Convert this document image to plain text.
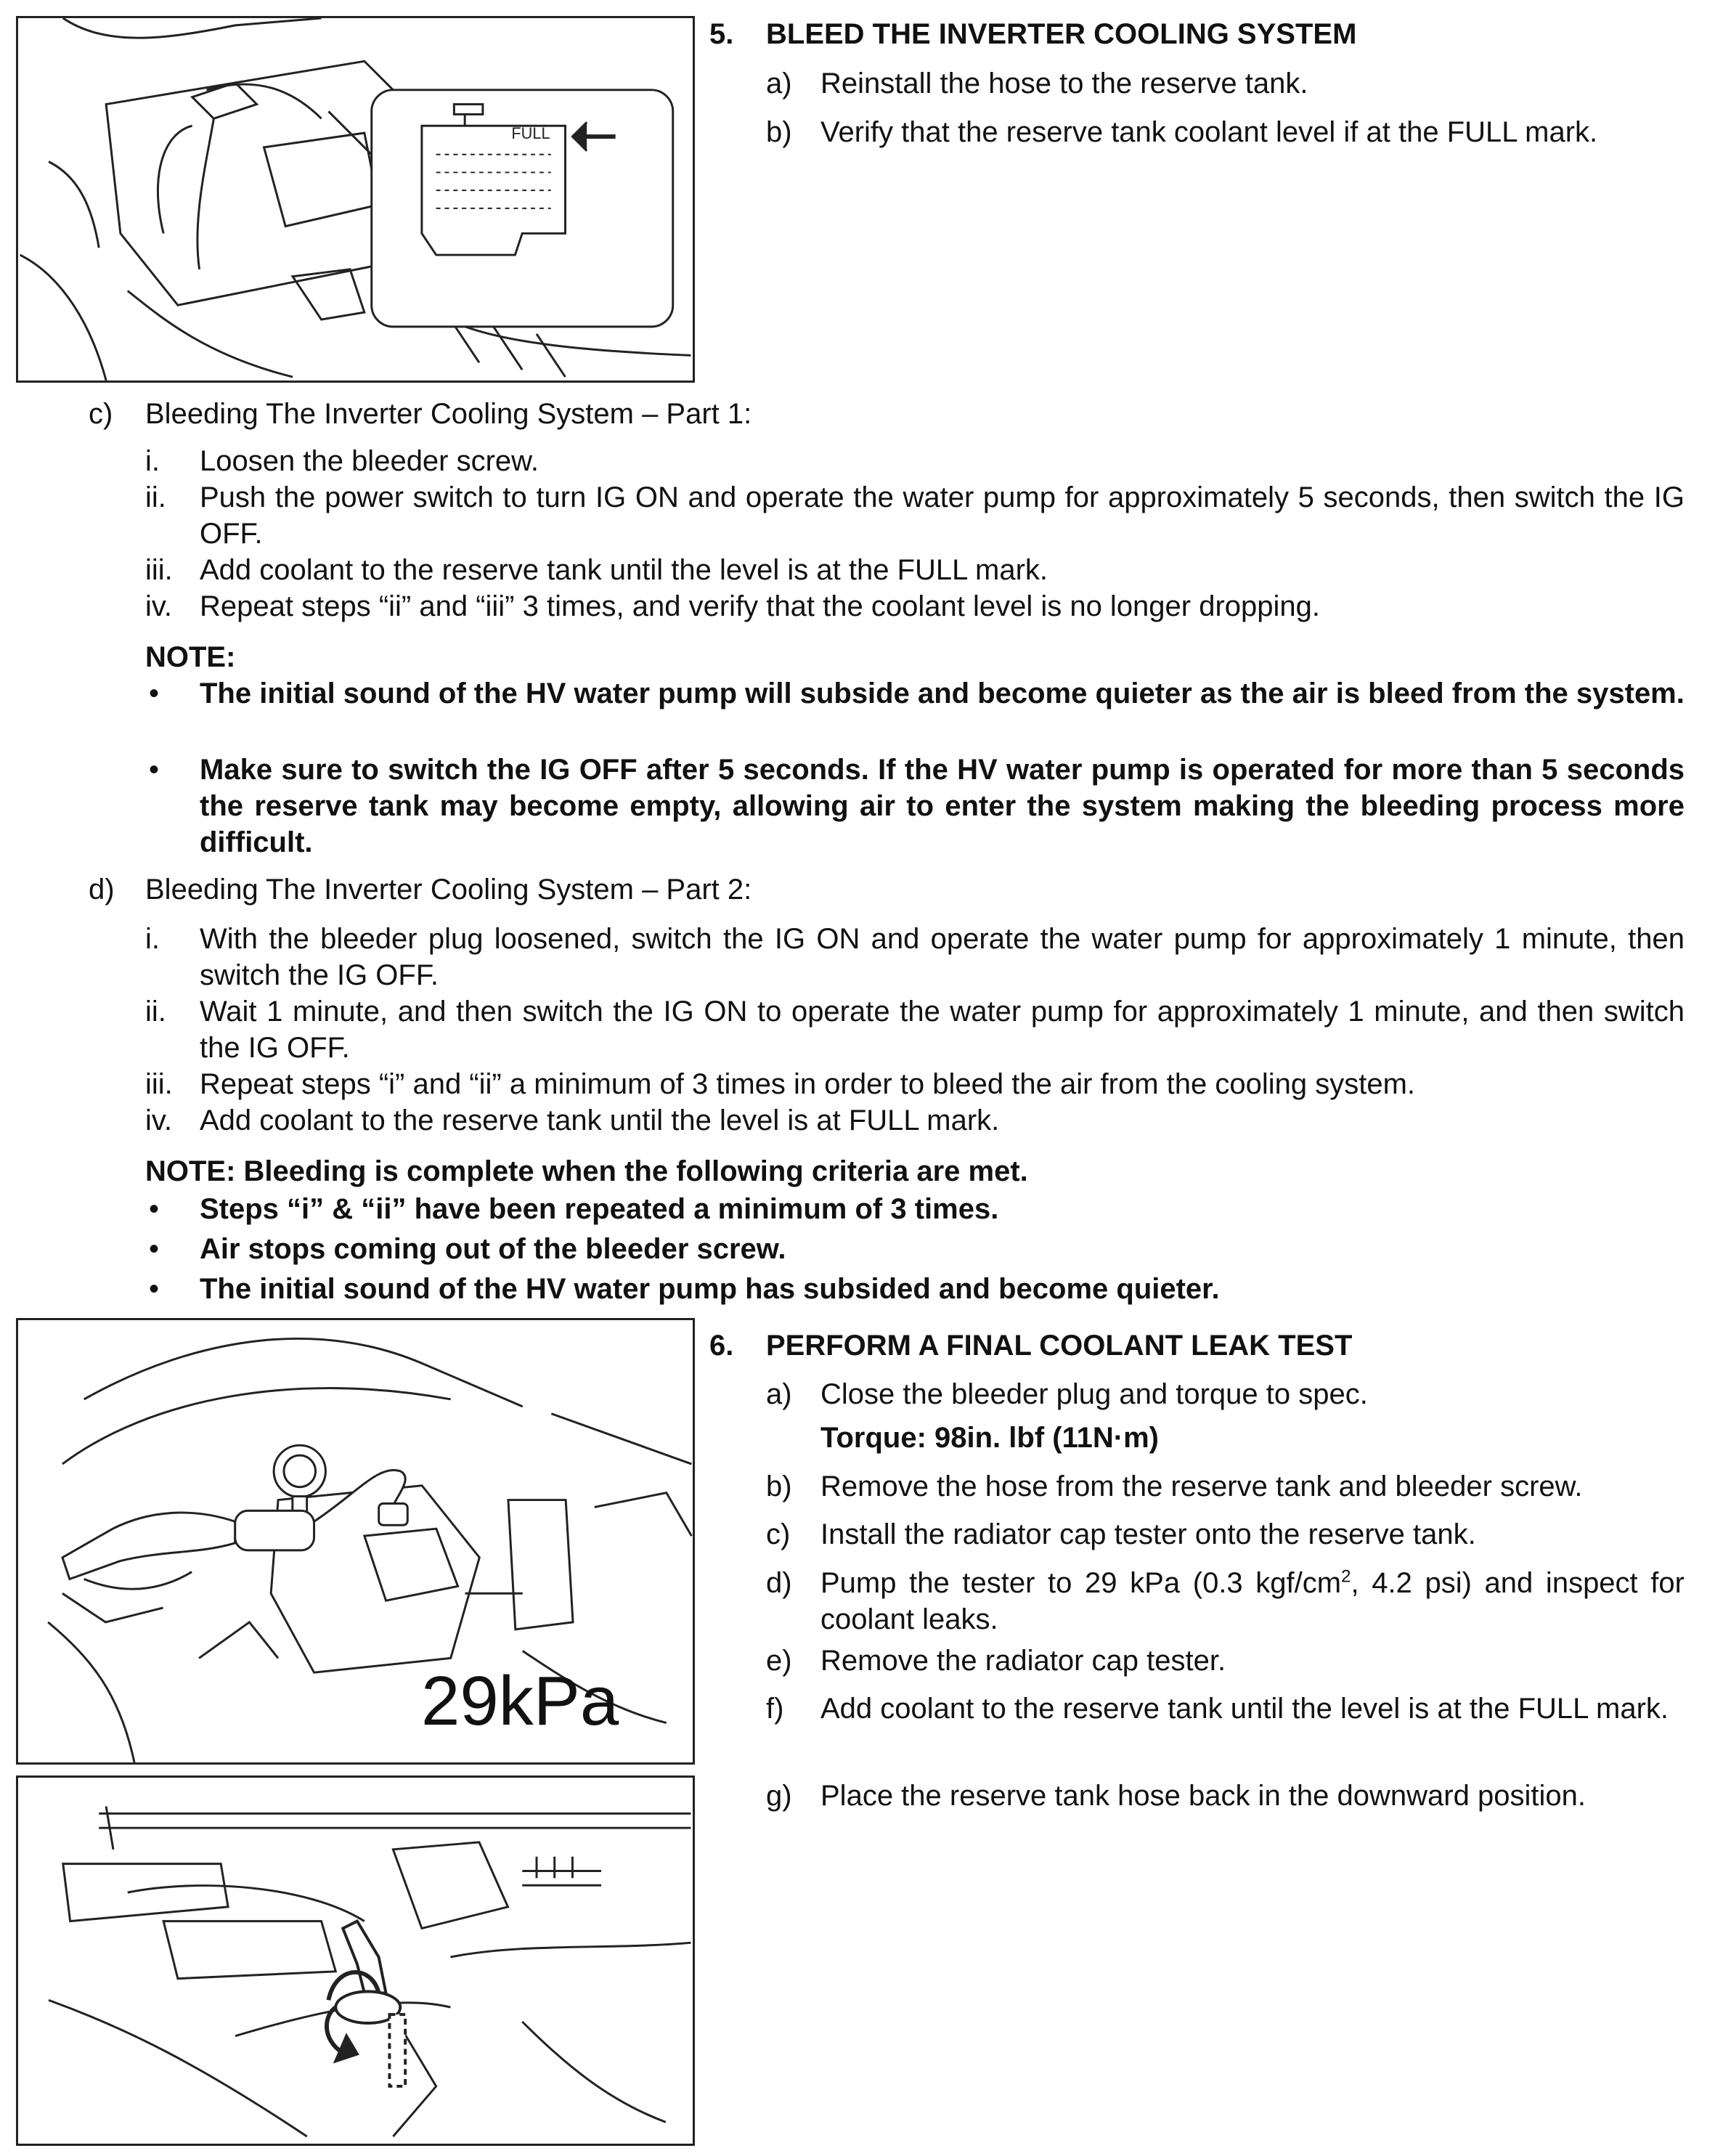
FULL
5. BLEED THE INVERTER COOLING SYSTEM
a) Reinstall the hose to the reserve tank.
b) Verify that the reserve tank coolant level if at the FULL mark.
c) Bleeding The Inverter Cooling System – Part 1:
i. Loosen the bleeder screw.
ii. Push the power switch to turn IG ON and operate the water pump for approximately 5 seconds, then switch the IG OFF.
iii. Add coolant to the reserve tank until the level is at the FULL mark.
iv. Repeat steps “ii” and “iii” 3 times, and verify that the coolant level is no longer dropping.
NOTE:
• The initial sound of the HV water pump will subside and become quieter as the air is bleed from the system.
• Make sure to switch the IG OFF after 5 seconds. If the HV water pump is operated for more than 5 seconds the reserve tank may become empty, allowing air to enter the system making the bleeding process more difficult.
d) Bleeding The Inverter Cooling System – Part 2:
i. With the bleeder plug loosened, switch the IG ON and operate the water pump for approximately 1 minute, then switch the IG OFF.
ii. Wait 1 minute, and then switch the IG ON to operate the water pump for approximately 1 minute, and then switch the IG OFF.
iii. Repeat steps “i” and “ii” a minimum of 3 times in order to bleed the air from the cooling system.
iv. Add coolant to the reserve tank until the level is at FULL mark.
NOTE: Bleeding is complete when the following criteria are met.
• Steps “i” & “ii” have been repeated a minimum of 3 times.
• Air stops coming out of the bleeder screw.
• The initial sound of the HV water pump has subsided and become quieter.
29kPa
6. PERFORM A FINAL COOLANT LEAK TEST
a) Close the bleeder plug and torque to spec.
Torque: 98in. lbf (11N·m)
b) Remove the hose from the reserve tank and bleeder screw.
c) Install the radiator cap tester onto the reserve tank.
d) Pump the tester to 29 kPa (0.3 kgf/$cm^2$, 4.2 psi) and inspect for coolant leaks.
e) Remove the radiator cap tester.
f) Add coolant to the reserve tank until the level is at the FULL mark.
g) Place the reserve tank hose back in the downward position.
